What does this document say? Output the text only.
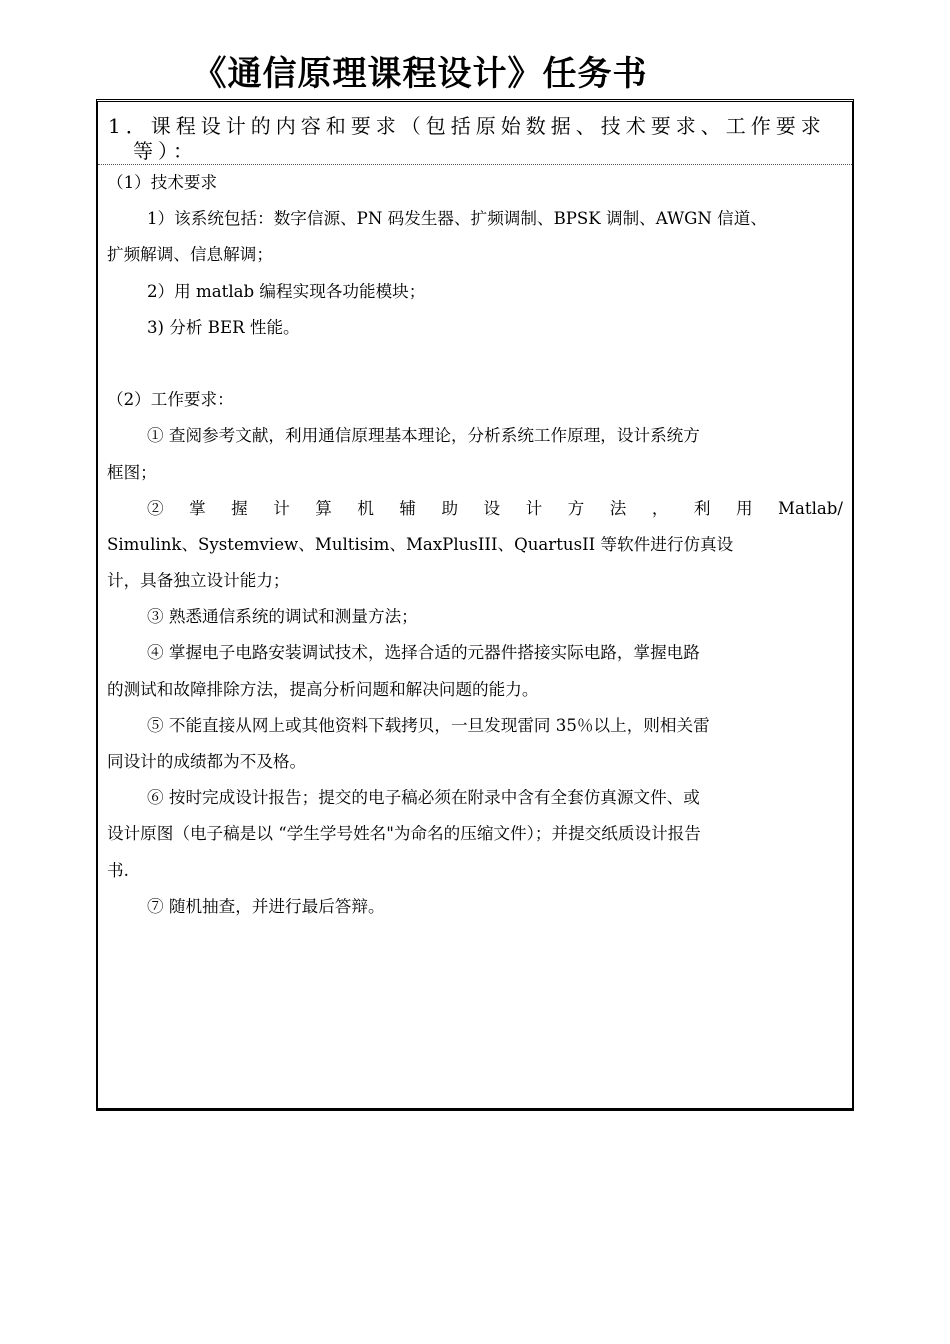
《通信原理课程设计》任务书
1．课程设计的内容和要求（包括原始数据、技术要求、工作要求
等）：
（1）技术要求
1）该系统包括：数字信源、PN 码发生器、扩频调制、BPSK 调制、AWGN 信道、
扩频解调、信息解调；
2）用 matlab 编程实现各功能模块；
3) 分析 BER 性能。
（2）工作要求：
① 查阅参考文献，利用通信原理基本理论，分析系统工作原理，设计系统方
框图；
② 掌 握 计 算 机 辅 助 设 计 方 法 ， 利 用 Matlab/
Simulink、Systemview、Multisim、MaxPlusIII、QuartusII 等软件进行仿真设
计，具备独立设计能力；
③ 熟悉通信系统的调试和测量方法；
④ 掌握电子电路安装调试技术，选择合适的元器件搭接实际电路，掌握电路
的测试和故障排除方法，提高分析问题和解决问题的能力。
⑤ 不能直接从网上或其他资料下载拷贝，一旦发现雷同 35％以上，则相关雷
同设计的成绩都为不及格。
⑥ 按时完成设计报告；提交的电子稿必须在附录中含有全套仿真源文件、或
设计原图（电子稿是以 “学生学号姓名"为命名的压缩文件）；并提交纸质设计报告
书.
⑦ 随机抽查，并进行最后答辩。
